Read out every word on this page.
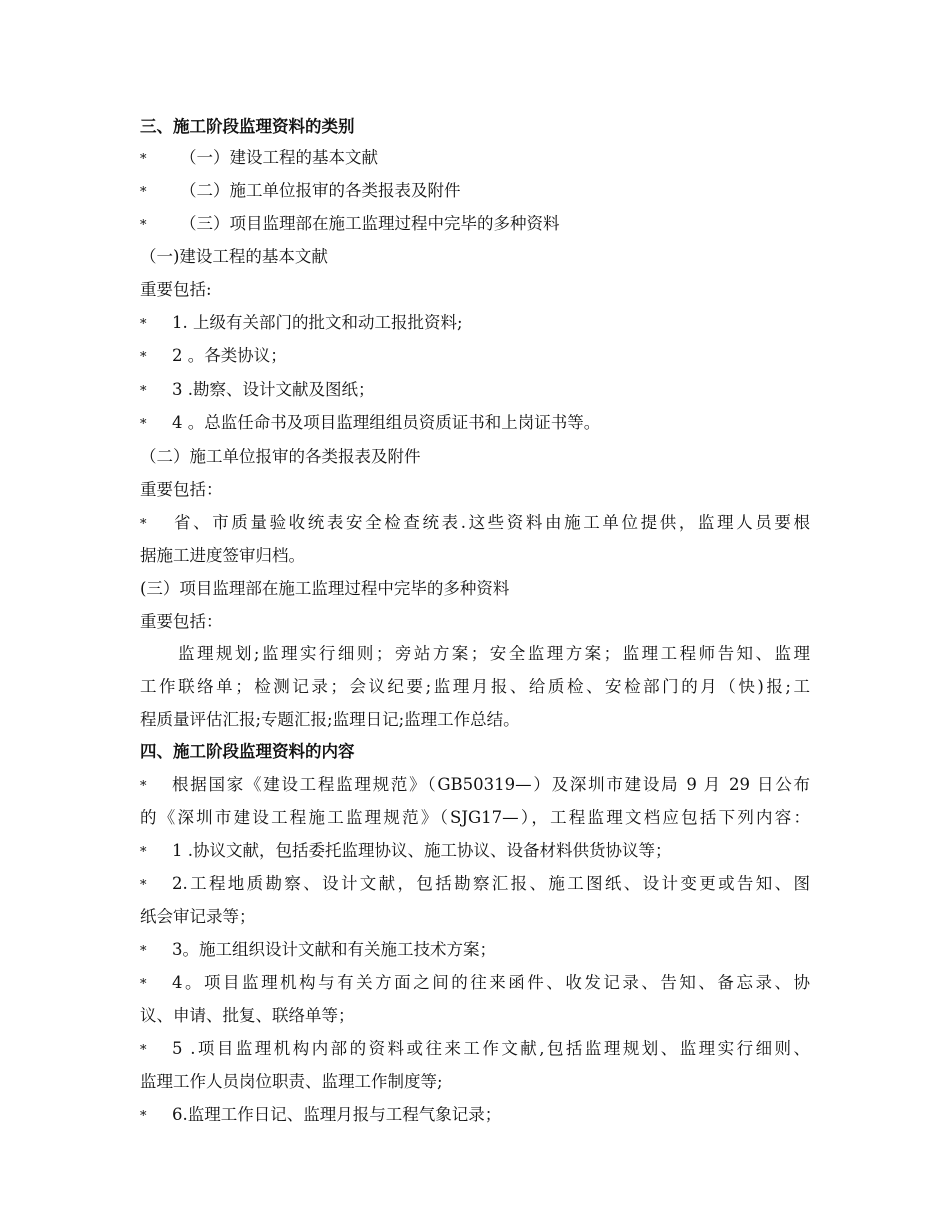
三、施工阶段监理资料的类别
* （一）建设工程的基本文献
* （二）施工单位报审的各类报表及附件
* （三）项目监理部在施工监理过程中完毕的多种资料
（一)建设工程的基本文献
重要包括:
* 1. 上级有关部门的批文和动工报批资料;
* 2 。各类协议；
* 3 .勘察、设计文献及图纸；
* 4 。总监任命书及项目监理组组员资质证书和上岗证书等。
（二）施工单位报审的各类报表及附件
重要包括：
* 省、市质量验收统表安全检查统表.这些资料由施工单位提供，监理人员要根
据施工进度签审归档。
(三）项目监理部在施工监理过程中完毕的多种资料
重要包括：
监理规划;监理实行细则；旁站方案；安全监理方案；监理工程师告知、监理
工作联络单；检测记录；会议纪要;监理月报、给质检、安检部门的月（快)报;工
程质量评估汇报;专题汇报;监理日记;监理工作总结。
四、施工阶段监理资料的内容
* 根据国家《建设工程监理规范》（GB50319—）及深圳市建设局 9 月 29 日公布
的《深圳市建设工程施工监理规范》（SJG17—），工程监理文档应包括下列内容：
* 1 .协议文献，包括委托监理协议、施工协议、设备材料供货协议等；
* 2.工程地质勘察、设计文献，包括勘察汇报、施工图纸、设计变更或告知、图
纸会审记录等；
* 3。施工组织设计文献和有关施工技术方案；
* 4。项目监理机构与有关方面之间的往来函件、收发记录、告知、备忘录、协
议、申请、批复、联络单等；
* 5 .项目监理机构内部的资料或往来工作文献,包括监理规划、监理实行细则、
监理工作人员岗位职责、监理工作制度等;
* 6.监理工作日记、监理月报与工程气象记录；
